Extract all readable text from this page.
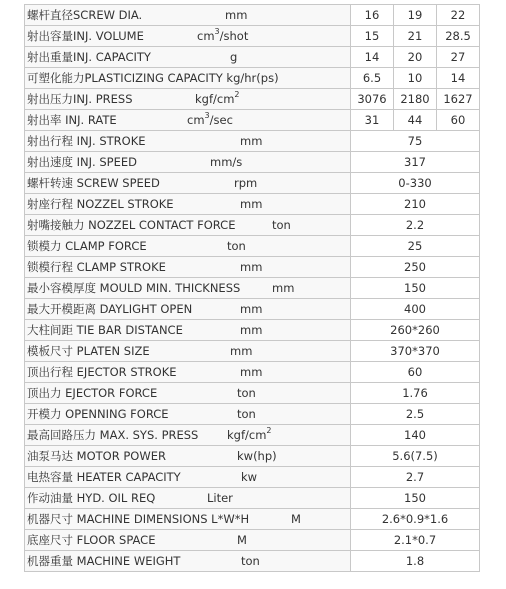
螺杆直径SCREW DIA. mm	16	19	22

射出容量INJ. VOLUME $cm^3$/shot	15	21	28.5

射出重量INJ. CAPACITY g	14	20	27

可塑化能力PLASTICIZING CAPACITY kg/hr(ps)	6.5	10	14

射出压力INJ. PRESS kgf/$cm^2$	3076	2180	1627

射出率 INJ. RATE $cm^3/\sec$	31	44	60

射出行程 INJ. STROKE mm	75		

射出速度 INJ. SPEED mm/s	317		

螺杆转速 SCREW SPEED rpm	0-330		

射座行程 NOZZEL STROKE mm	210		

射嘴接触力 NOZZEL CONTACT FORCE ton	2.2		

锁模力 CLAMP FORCE ton	25		

锁模行程 CLAMP STROKE mm	250		

最小容模厚度 MOULD MIN. THICKNESS mm	150		

最大开模距离 DAYLIGHT OPEN mm	400		

大柱间距 TIE BAR DISTANCE mm	260*260		

模板尺寸 PLATEN SIZE mm	370*370		

顶出行程 EJECTOR STROKE mm	60		

顶出力 EJECTOR FORCE ton	1.76		

开模力 OPENNING FORCE ton	2.5		

最高回路压力 MAX. SYS. PRESS kgf/$cm^2$	140		

油泵马达 MOTOR POWER kw(hp)	5.6(7.5)		

电热容量 HEATER CAPACITY kw	2.7		

作动油量 HYD. OIL REQ Liter	150		

机器尺寸 MACHINE DIMENSIONS L*W*H M	2.6*0.9*1.6		

底座尺寸 FLOOR SPACE M	2.1*0.7		

机器重量 MACHINE WEIGHT ton	1.8		
